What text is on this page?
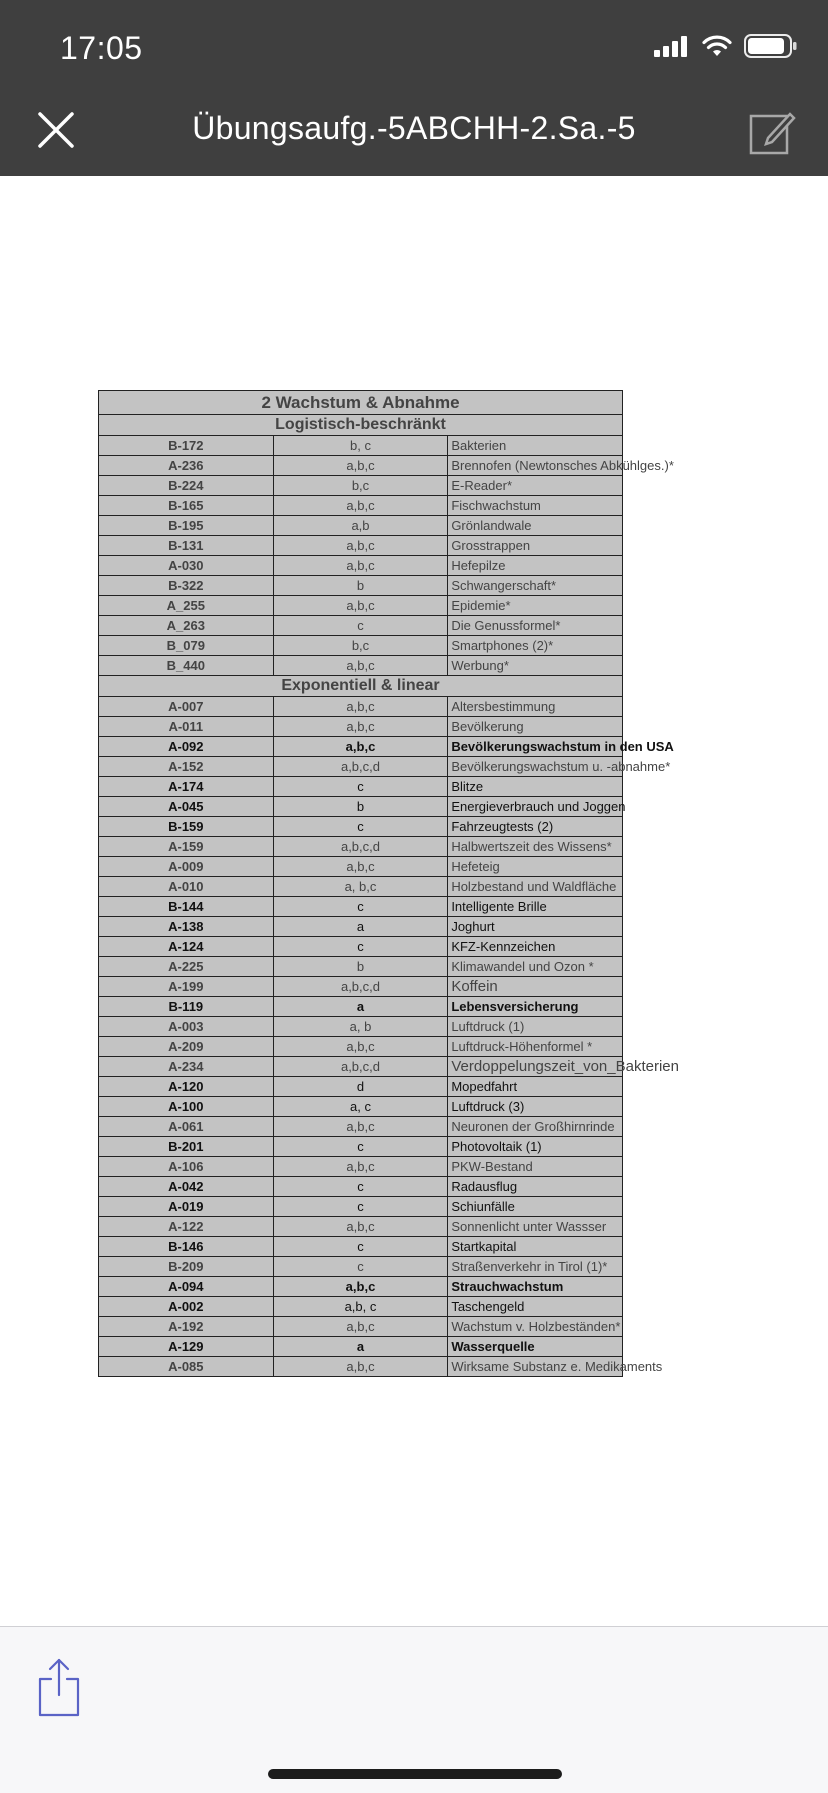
17:05
Übungsaufg.-5ABCHH-2.Sa.-5
2 Wachstum & Abnahme		
Logistisch-beschränkt		
B-172	b, c	Bakterien
A-236	a,b,c	Brennofen (Newtonsches Abkühlges.)*
B-224	b,c	E-Reader*
B-165	a,b,c	Fischwachstum
B-195	a,b	Grönlandwale
B-131	a,b,c	Grosstrappen
A-030	a,b,c	Hefepilze
B-322	b	Schwangerschaft*
A_255	a,b,c	Epidemie*
A_263	c	Die Genussformel*
B_079	b,c	Smartphones (2)*
B_440	a,b,c	Werbung*
Exponentiell & linear		
A-007	a,b,c	Altersbestimmung
A-011	a,b,c	Bevölkerung
A-092	a,b,c	Bevölkerungswachstum in den USA
A-152	a,b,c,d	Bevölkerungswachstum u. -abnahme*
A-174	c	Blitze
A-045	b	Energieverbrauch und Joggen
B-159	c	Fahrzeugtests (2)
A-159	a,b,c,d	Halbwertszeit des Wissens*
A-009	a,b,c	Hefeteig
A-010	a, b,c	Holzbestand und Waldfläche
B-144	c	Intelligente Brille
A-138	a	Joghurt
A-124	c	KFZ-Kennzeichen
A-225	b	Klimawandel und Ozon *
A-199	a,b,c,d	Koffein
B-119	a	Lebensversicherung
A-003	a, b	Luftdruck (1)
A-209	a,b,c	Luftdruck-Höhenformel *
A-234	a,b,c,d	Verdoppelungszeit_von_Bakterien
A-120	d	Mopedfahrt
A-100	a, c	Luftdruck (3)
A-061	a,b,c	Neuronen der Großhirnrinde
B-201	c	Photovoltaik (1)
A-106	a,b,c	PKW-Bestand
A-042	c	Radausflug
A-019	c	Schiunfälle
A-122	a,b,c	Sonnenlicht unter Wassser
B-146	c	Startkapital
B-209	c	Straßenverkehr in Tirol (1)*
A-094	a,b,c	Strauchwachstum
A-002	a,b, c	Taschengeld
A-192	a,b,c	Wachstum v. Holzbeständen*
A-129	a	Wasserquelle
A-085	a,b,c	Wirksame Substanz e. Medikaments
